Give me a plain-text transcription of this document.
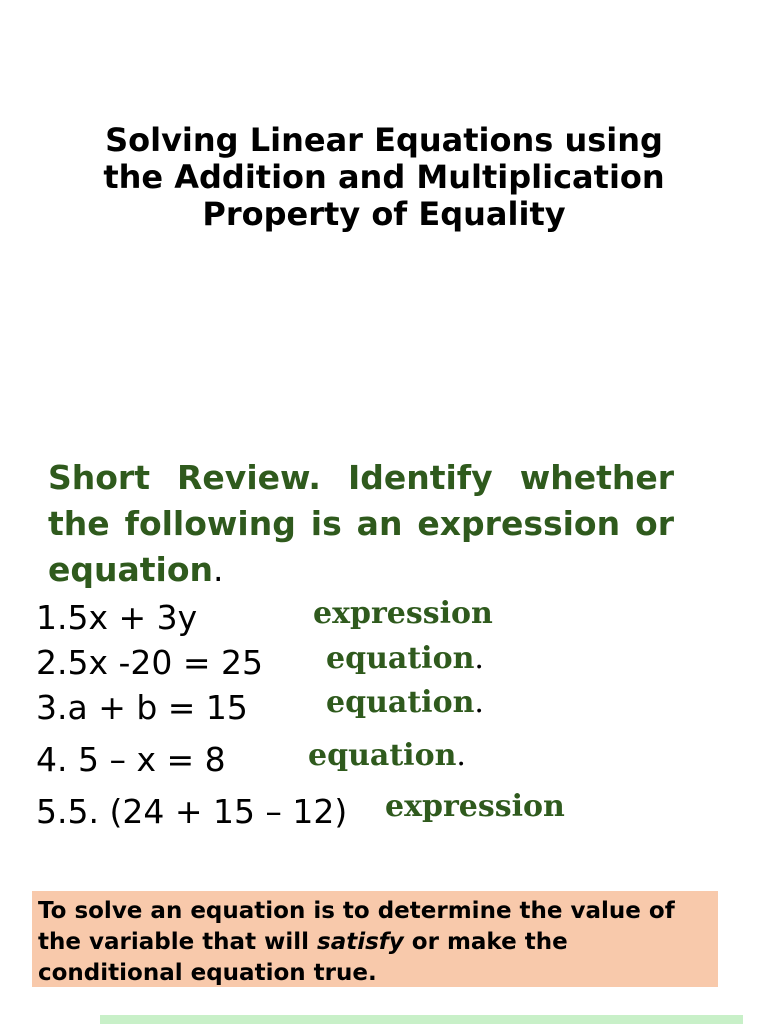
Solving Linear Equations using the Addition and Multiplication Property of Equality
Short Review. Identify whether the following is an expression or equation.
1.5x + 3y	expression
2.5x -20 = 25 equation.
3.a + b = 15	equation.
4. 5 – x = 8	equation.
5.5. (24 + 15 – 12) expression
To solve an equation is to determine the value of the variable that will satisfy or make the conditional equation true.
